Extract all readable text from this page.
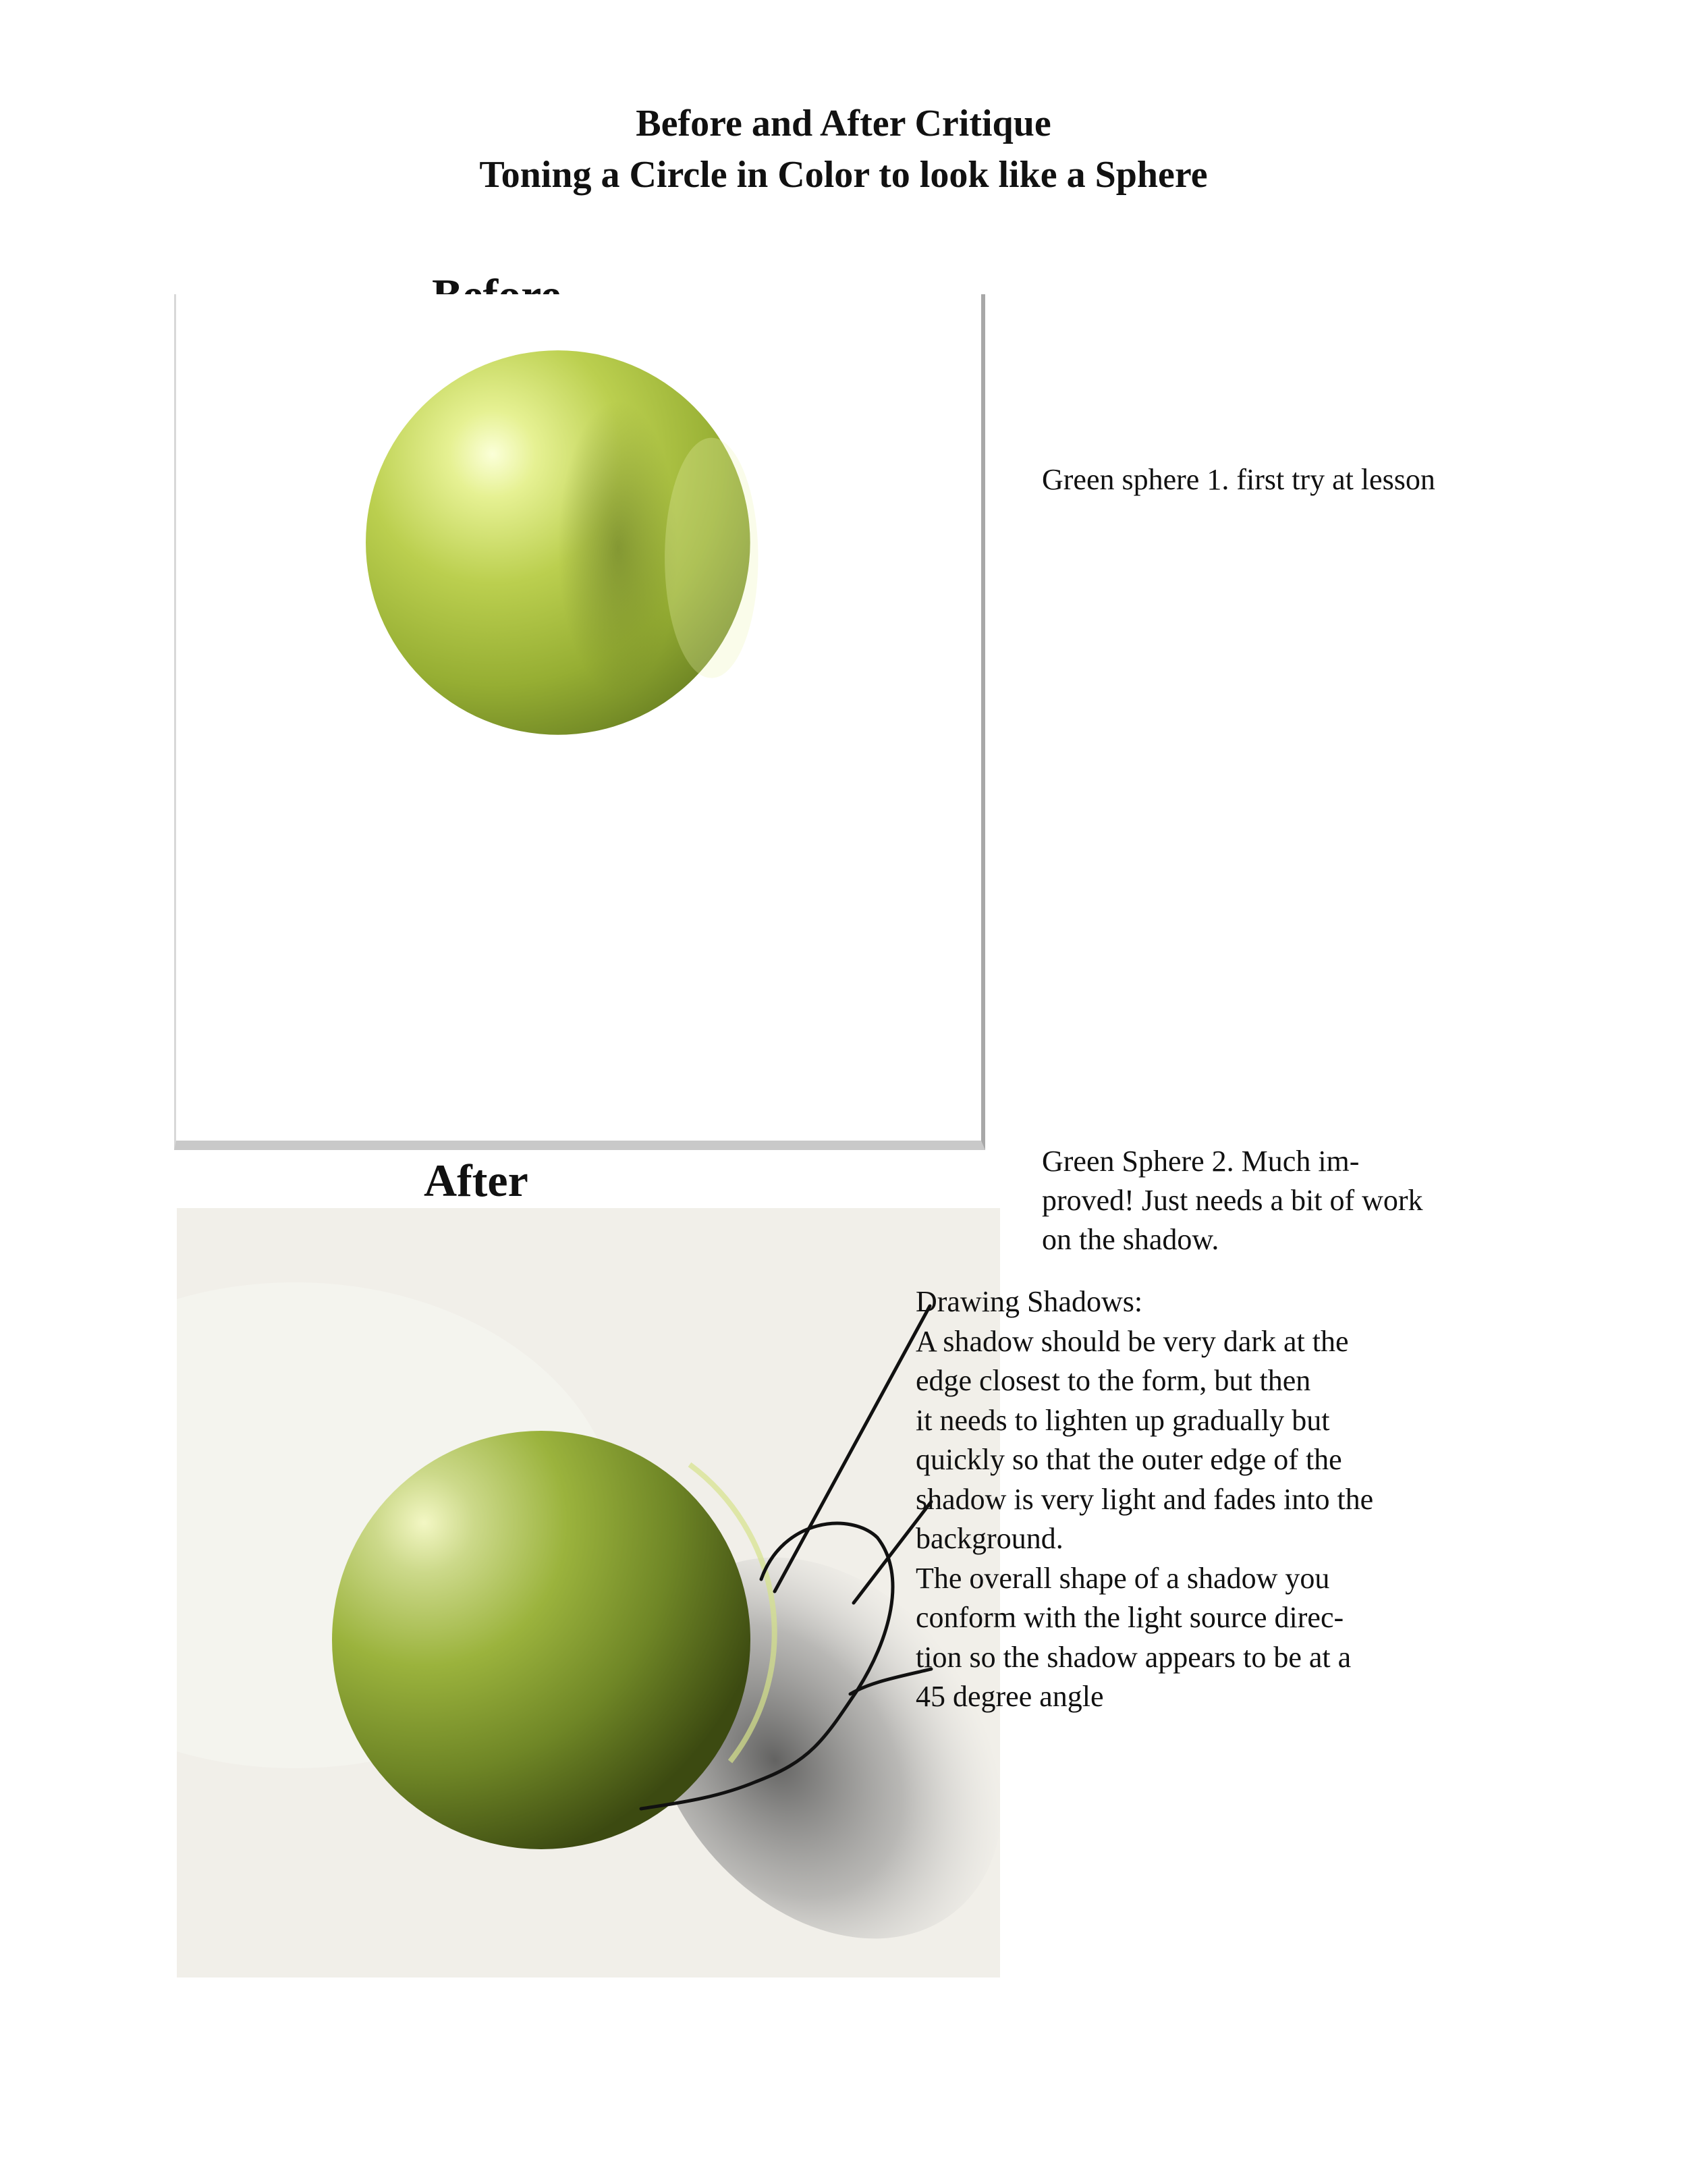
Before and After Critique
Toning a Circle in Color to look like a Sphere
Green sphere 1. first try at lesson
After	Green Sphere 2. Much im-
proved! Just needs a bit of work
on the shadow.
Drawing Shadows:
A shadow should be very dark at the
edge closest to the form, but then
it needs to lighten up gradually but
quickly so that the outer edge of the
shadow is very light and fades into the
background.
The overall shape of a shadow you
conform with the light source direc-
tion so the shadow appears to be at a
45 degree angle
